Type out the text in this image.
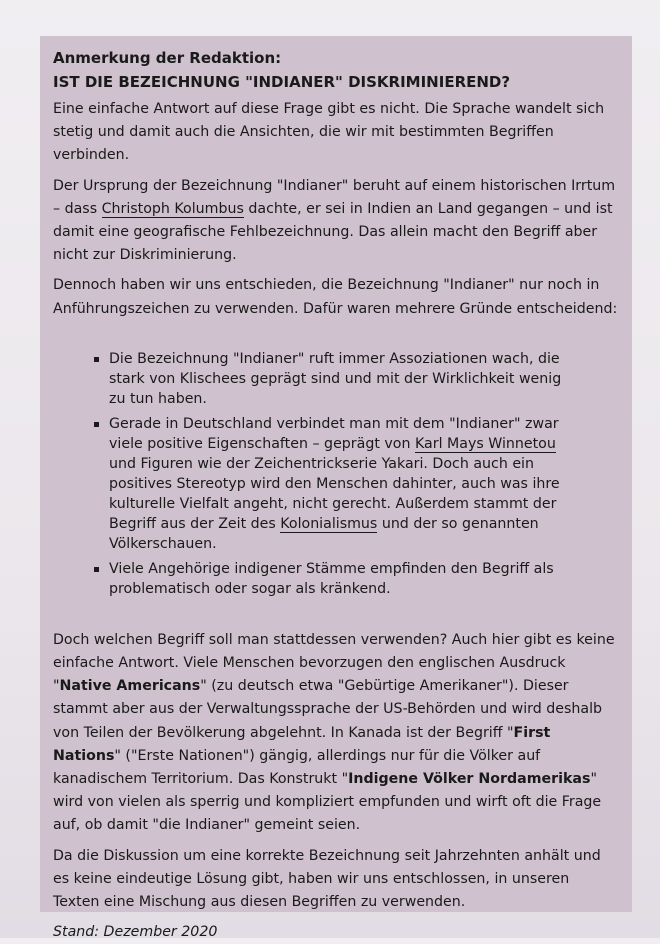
Anmerkung der Redaktion:
IST DIE BEZEICHNUNG "INDIANER" DISKRIMINIEREND?

Eine einfache Antwort auf diese Frage gibt es nicht. Die Sprache wandelt sich stetig und damit auch die Ansichten, die wir mit bestimmten Begriffen verbinden.

Der Ursprung der Bezeichnung "Indianer" beruht auf einem historischen Irrtum – dass Christoph Kolumbus dachte, er sei in Indien an Land gegangen – und ist damit eine geografische Fehlbezeichnung. Das allein macht den Begriff aber nicht zur Diskriminierung.

Dennoch haben wir uns entschieden, die Bezeichnung "Indianer" nur noch in Anführungszeichen zu verwenden. Dafür waren mehrere Gründe entscheidend:

Die Bezeichnung "Indianer" ruft immer Assoziationen wach, die stark von Klischees geprägt sind und mit der Wirklichkeit wenig zu tun haben.
Gerade in Deutschland verbindet man mit dem "Indianer" zwar viele positive Eigenschaften – geprägt von Karl Mays Winnetou und Figuren wie der Zeichentrickserie Yakari. Doch auch ein positives Stereotyp wird den Menschen dahinter, auch was ihre kulturelle Vielfalt angeht, nicht gerecht. Außerdem stammt der Begriff aus der Zeit des Kolonialismus und der so genannten Völkerschauen.
Viele Angehörige indigener Stämme empfinden den Begriff als problematisch oder sogar als kränkend.

Doch welchen Begriff soll man stattdessen verwenden? Auch hier gibt es keine einfache Antwort. Viele Menschen bevorzugen den englischen Ausdruck "Native Americans" (zu deutsch etwa "Gebürtige Amerikaner"). Dieser stammt aber aus der Verwaltungssprache der US-Behörden und wird deshalb von Teilen der Bevölkerung abgelehnt. In Kanada ist der Begriff "First Nations" ("Erste Nationen") gängig, allerdings nur für die Völker auf kanadischem Territorium. Das Konstrukt "Indigene Völker Nordamerikas" wird von vielen als sperrig und kompliziert empfunden und wirft oft die Frage auf, ob damit "die Indianer" gemeint seien.

Da die Diskussion um eine korrekte Bezeichnung seit Jahrzehnten anhält und es keine eindeutige Lösung gibt, haben wir uns entschlossen, in unseren Texten eine Mischung aus diesen Begriffen zu verwenden.

Stand: Dezember 2020
